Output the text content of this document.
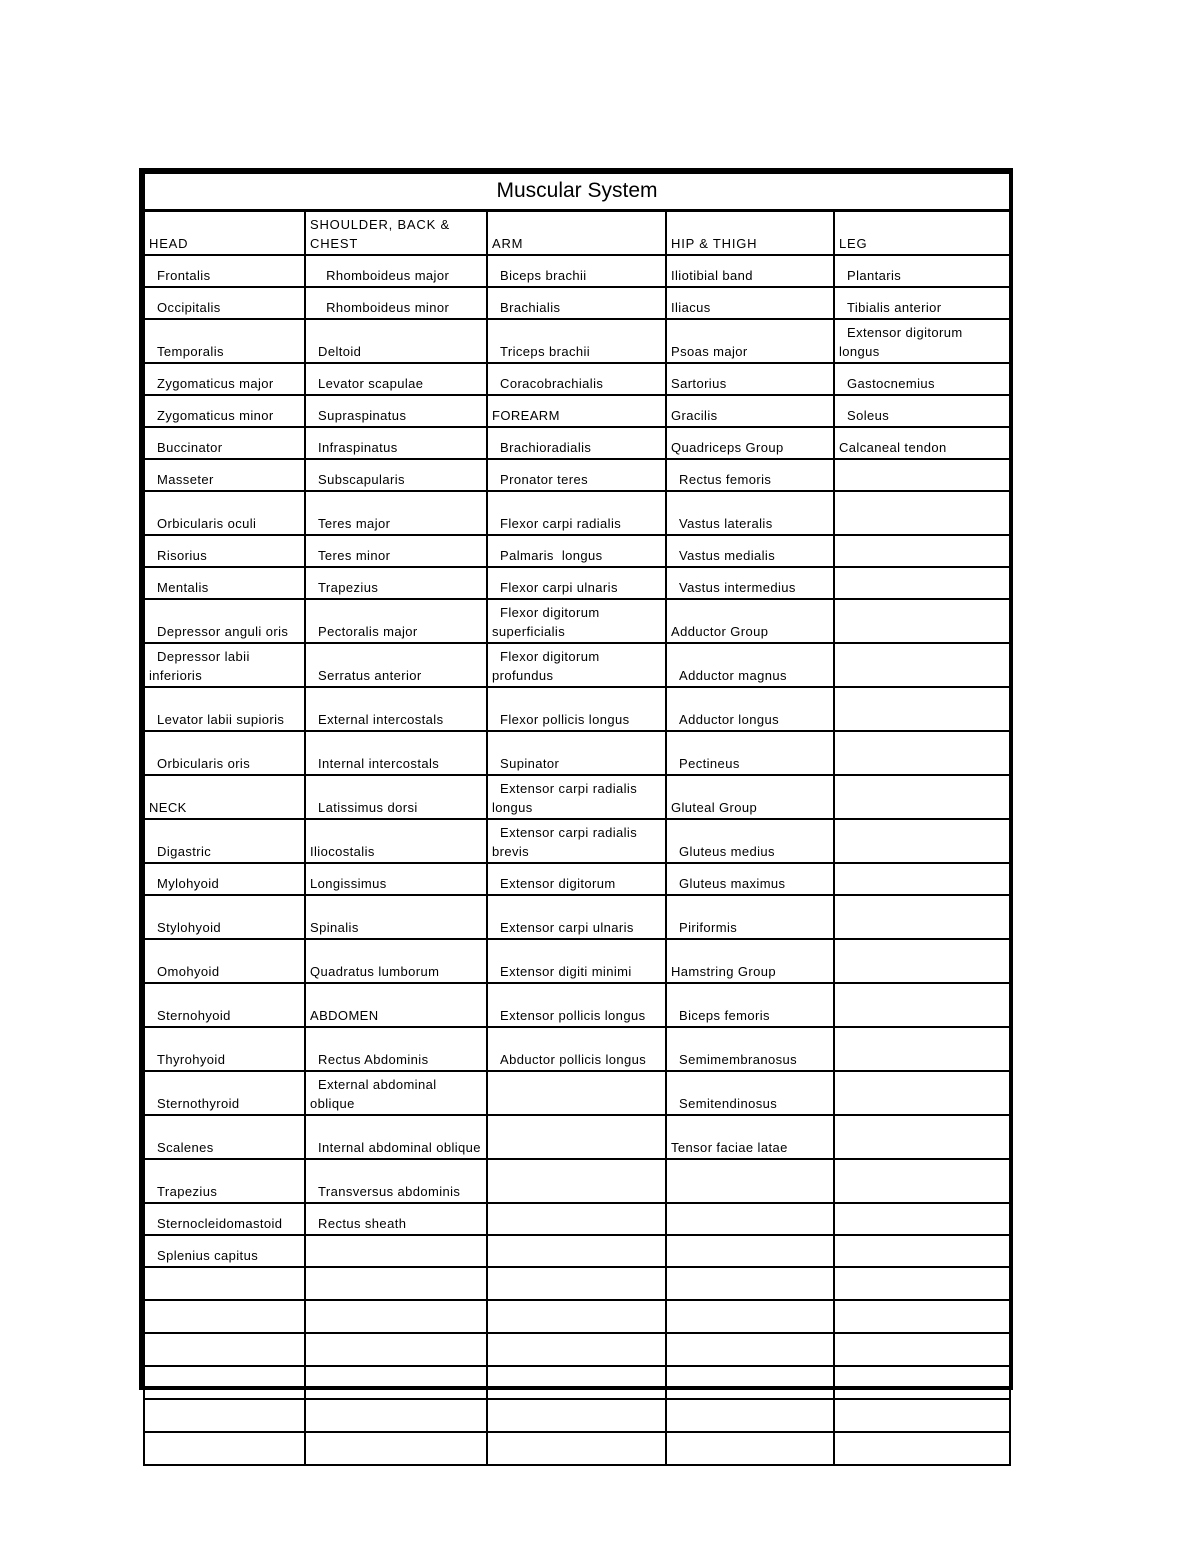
Muscular System				
HEAD	SHOULDER, BACK & CHEST	ARM	HIP & THIGH	LEG
Frontalis	Rhomboideus major	Biceps brachii	Iliotibial band	Plantaris
Occipitalis	Rhomboideus minor	Brachialis	Iliacus	Tibialis anterior
Temporalis	Deltoid	Triceps brachii	Psoas major	Extensor digitorum longus
Zygomaticus major	Levator scapulae	Coracobrachialis	Sartorius	Gastocnemius
Zygomaticus minor	Supraspinatus	FOREARM	Gracilis	Soleus
Buccinator	Infraspinatus	Brachioradialis	Quadriceps Group	Calcaneal tendon
Masseter	Subscapularis	Pronator teres	Rectus femoris	
Orbicularis oculi	Teres major	Flexor carpi radialis	Vastus lateralis	
Risorius	Teres minor	Palmaris  longus	Vastus medialis	
Mentalis	Trapezius	Flexor carpi ulnaris	Vastus intermedius	
Depressor anguli oris	Pectoralis major	Flexor digitorum superficialis	Adductor Group	
Depressor labii inferioris	Serratus anterior	Flexor digitorum profundus	Adductor magnus	
Levator labii supioris	External intercostals	Flexor pollicis longus	Adductor longus	
Orbicularis oris	Internal intercostals	Supinator	Pectineus	
NECK	Latissimus dorsi	Extensor carpi radialis longus	Gluteal Group	
Digastric	Iliocostalis	Extensor carpi radialis brevis	Gluteus medius	
Mylohyoid	Longissimus	Extensor digitorum	Gluteus maximus	
Stylohyoid	Spinalis	Extensor carpi ulnaris	Piriformis	
Omohyoid	Quadratus lumborum	Extensor digiti minimi	Hamstring Group	
Sternohyoid	ABDOMEN	Extensor pollicis longus	Biceps femoris	
Thyrohyoid	Rectus Abdominis	Abductor pollicis longus	Semimembranosus	
Sternothyroid	External abdominal oblique		Semitendinosus	
Scalenes	Internal abdominal oblique		Tensor faciae latae	
Trapezius	Transversus abdominis			
Sternocleidomastoid	Rectus sheath			
Splenius capitus				
